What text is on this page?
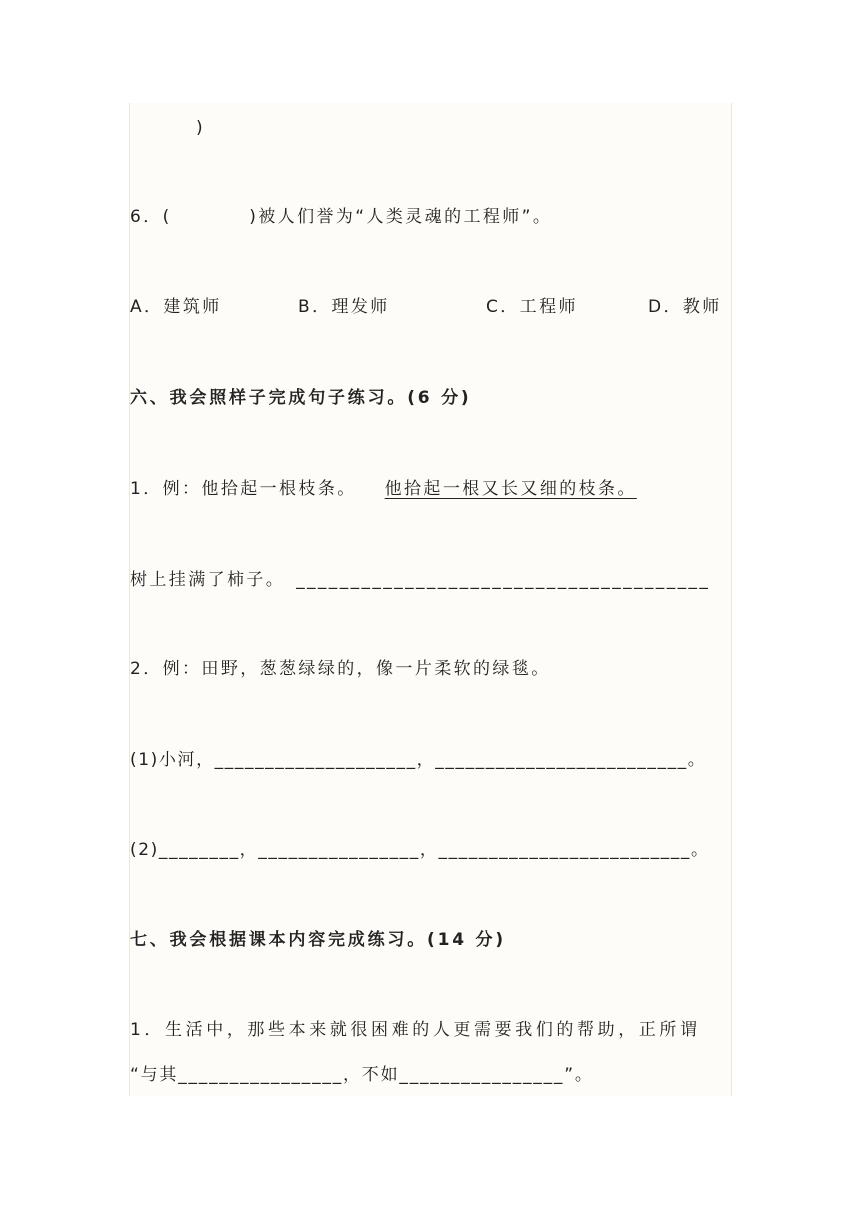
)
6．(　　　　)被人们誉为“人类灵魂的工程师”。
A．建筑师	B．理发师	C．工程师	D．教师
六、我会照样子完成句子练习。(6 分)
1．例：他拾起一根枝条。 他拾起一根又长又细的枝条。
树上挂满了柿子。　______________________________________
2．例：田野，葱葱绿绿的，像一片柔软的绿毯。
(1)小河，____________________，_________________________。
(2)________，________________，_________________________。
七、我会根据课本内容完成练习。(14 分)
1．生活中，那些本来就很困难的人更需要我们的帮助，正所谓
“与其________________，不如________________”。
